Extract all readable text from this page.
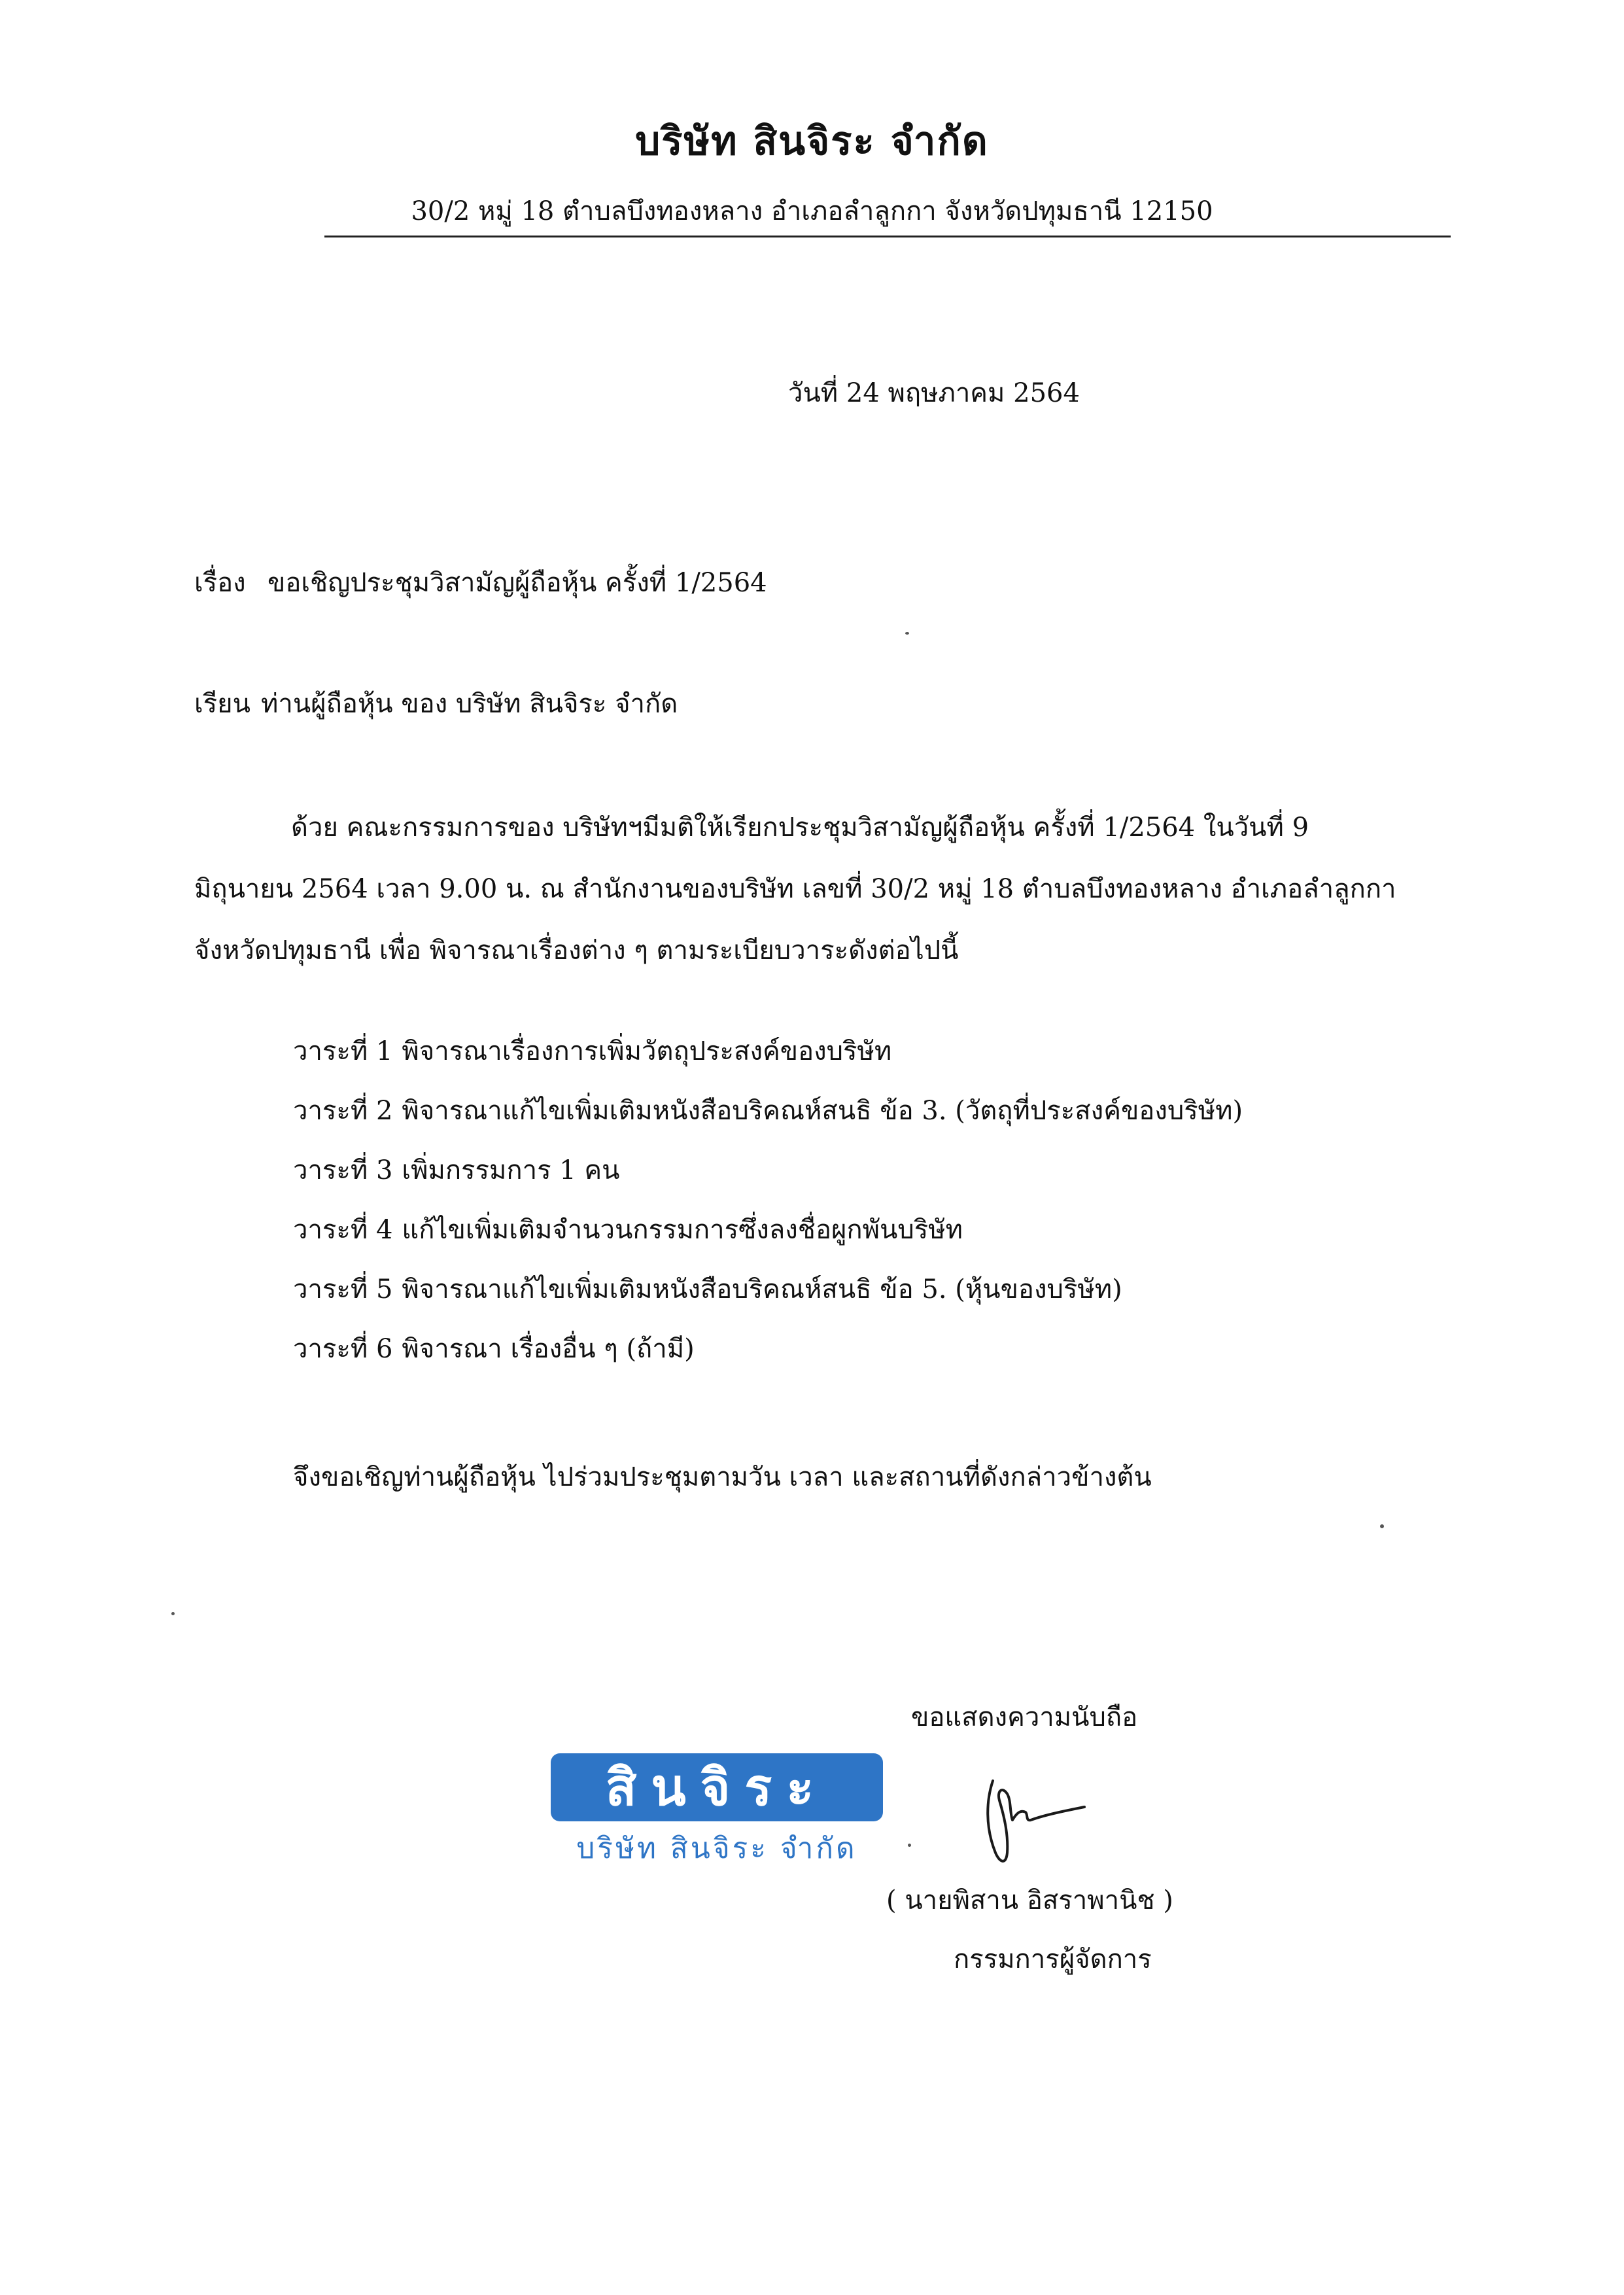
บริษัท สินจิระ จำกัด
30/2 หมู่ 18 ตำบลบึงทองหลาง อำเภอลำลูกกา จังหวัดปทุมธานี 12150
วันที่ 24 พฤษภาคม 2564
เรื่อง ขอเชิญประชุมวิสามัญผู้ถือหุ้น ครั้งที่ 1/2564
เรียน ท่านผู้ถือหุ้น ของ บริษัท สินจิระ จำกัด

ด้วย คณะกรรมการของ บริษัทฯมีมติให้เรียกประชุมวิสามัญผู้ถือหุ้น ครั้งที่ 1/2564 ในวันที่ 9

มิถุนายน 2564 เวลา 9.00 น. ณ สำนักงานของบริษัท เลขที่ 30/2 หมู่ 18 ตำบลบึงทองหลาง อำเภอลำลูกกา

จังหวัดปทุมธานี เพื่อ พิจารณาเรื่องต่าง ๆ ตามระเบียบวาระดังต่อไปนี้

วาระที่ 1 พิจารณาเรื่องการเพิ่มวัตถุประสงค์ของบริษัท
วาระที่ 2 พิจารณาแก้ไขเพิ่มเติมหนังสือบริคณห์สนธิ ข้อ 3. (วัตถุที่ประสงค์ของบริษัท)
วาระที่ 3 เพิ่มกรรมการ 1 คน
วาระที่ 4 แก้ไขเพิ่มเติมจำนวนกรรมการซึ่งลงชื่อผูกพันบริษัท
วาระที่ 5 พิจารณาแก้ไขเพิ่มเติมหนังสือบริคณห์สนธิ ข้อ 5. (หุ้นของบริษัท)
วาระที่ 6 พิจารณา เรื่องอื่น ๆ (ถ้ามี)
จึงขอเชิญท่านผู้ถือหุ้น ไปร่วมประชุมตามวัน เวลา และสถานที่ดังกล่าวข้างต้น
ขอแสดงความนับถือ
สินจิระ
บริษัท สินจิระ จำกัด
( นายพิสาน อิสราพานิช )
กรรมการผู้จัดการ
